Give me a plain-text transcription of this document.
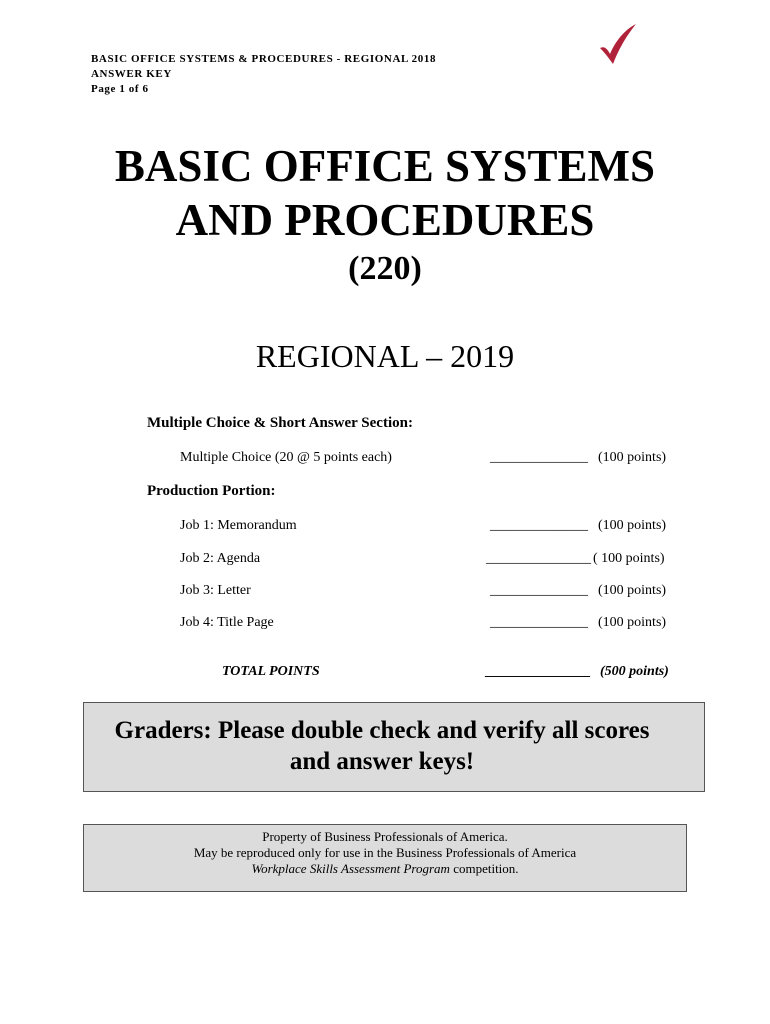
BASIC OFFICE SYSTEMS & PROCEDURES - REGIONAL 2018
ANSWER KEY
Page 1 of 6
BASIC OFFICE SYSTEMS
AND PROCEDURES
(220)
REGIONAL – 2019
Multiple Choice & Short Answer Section:
Multiple Choice (20 @ 5 points each)	______________ (100 points)
Production Portion:
Job 1: Memorandum	______________ (100 points)
Job 2: Agenda	_______________ ( 100 points)
Job 3: Letter	______________ (100 points)
Job 4: Title Page	______________ (100 points)
TOTAL POINTS	_______________ (500 points)
Graders: Please double check and verify all scores
and answer keys!
Property of Business Professionals of America.
May be reproduced only for use in the Business Professionals of America
Workplace Skills Assessment Program competition.
